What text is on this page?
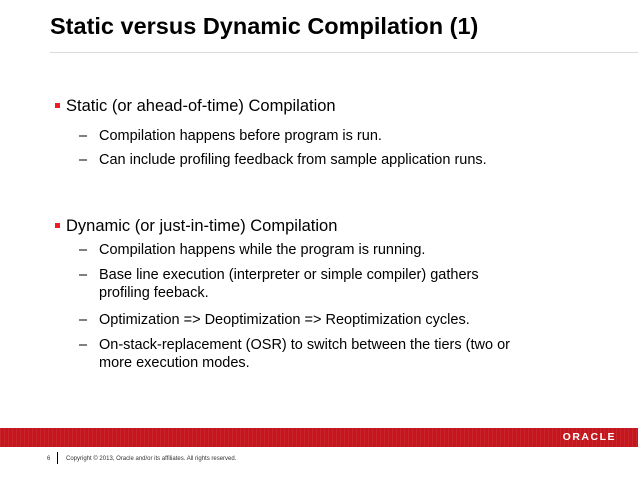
Static versus Dynamic Compilation (1)
Static (or ahead-of-time) Compilation
– Compilation happens before program is run.
– Can include profiling feedback from sample application runs.
Dynamic (or just-in-time) Compilation
– Compilation happens while the program is running.
– Base line execution (interpreter or simple compiler) gathers
profiling feeback.
– Optimization => Deoptimization => Reoptimization cycles.
– On-stack-replacement (OSR) to switch between the tiers (two or
more execution modes.
ORACLE
6	Copyright © 2013, Oracle and/or its affiliates. All rights reserved.
